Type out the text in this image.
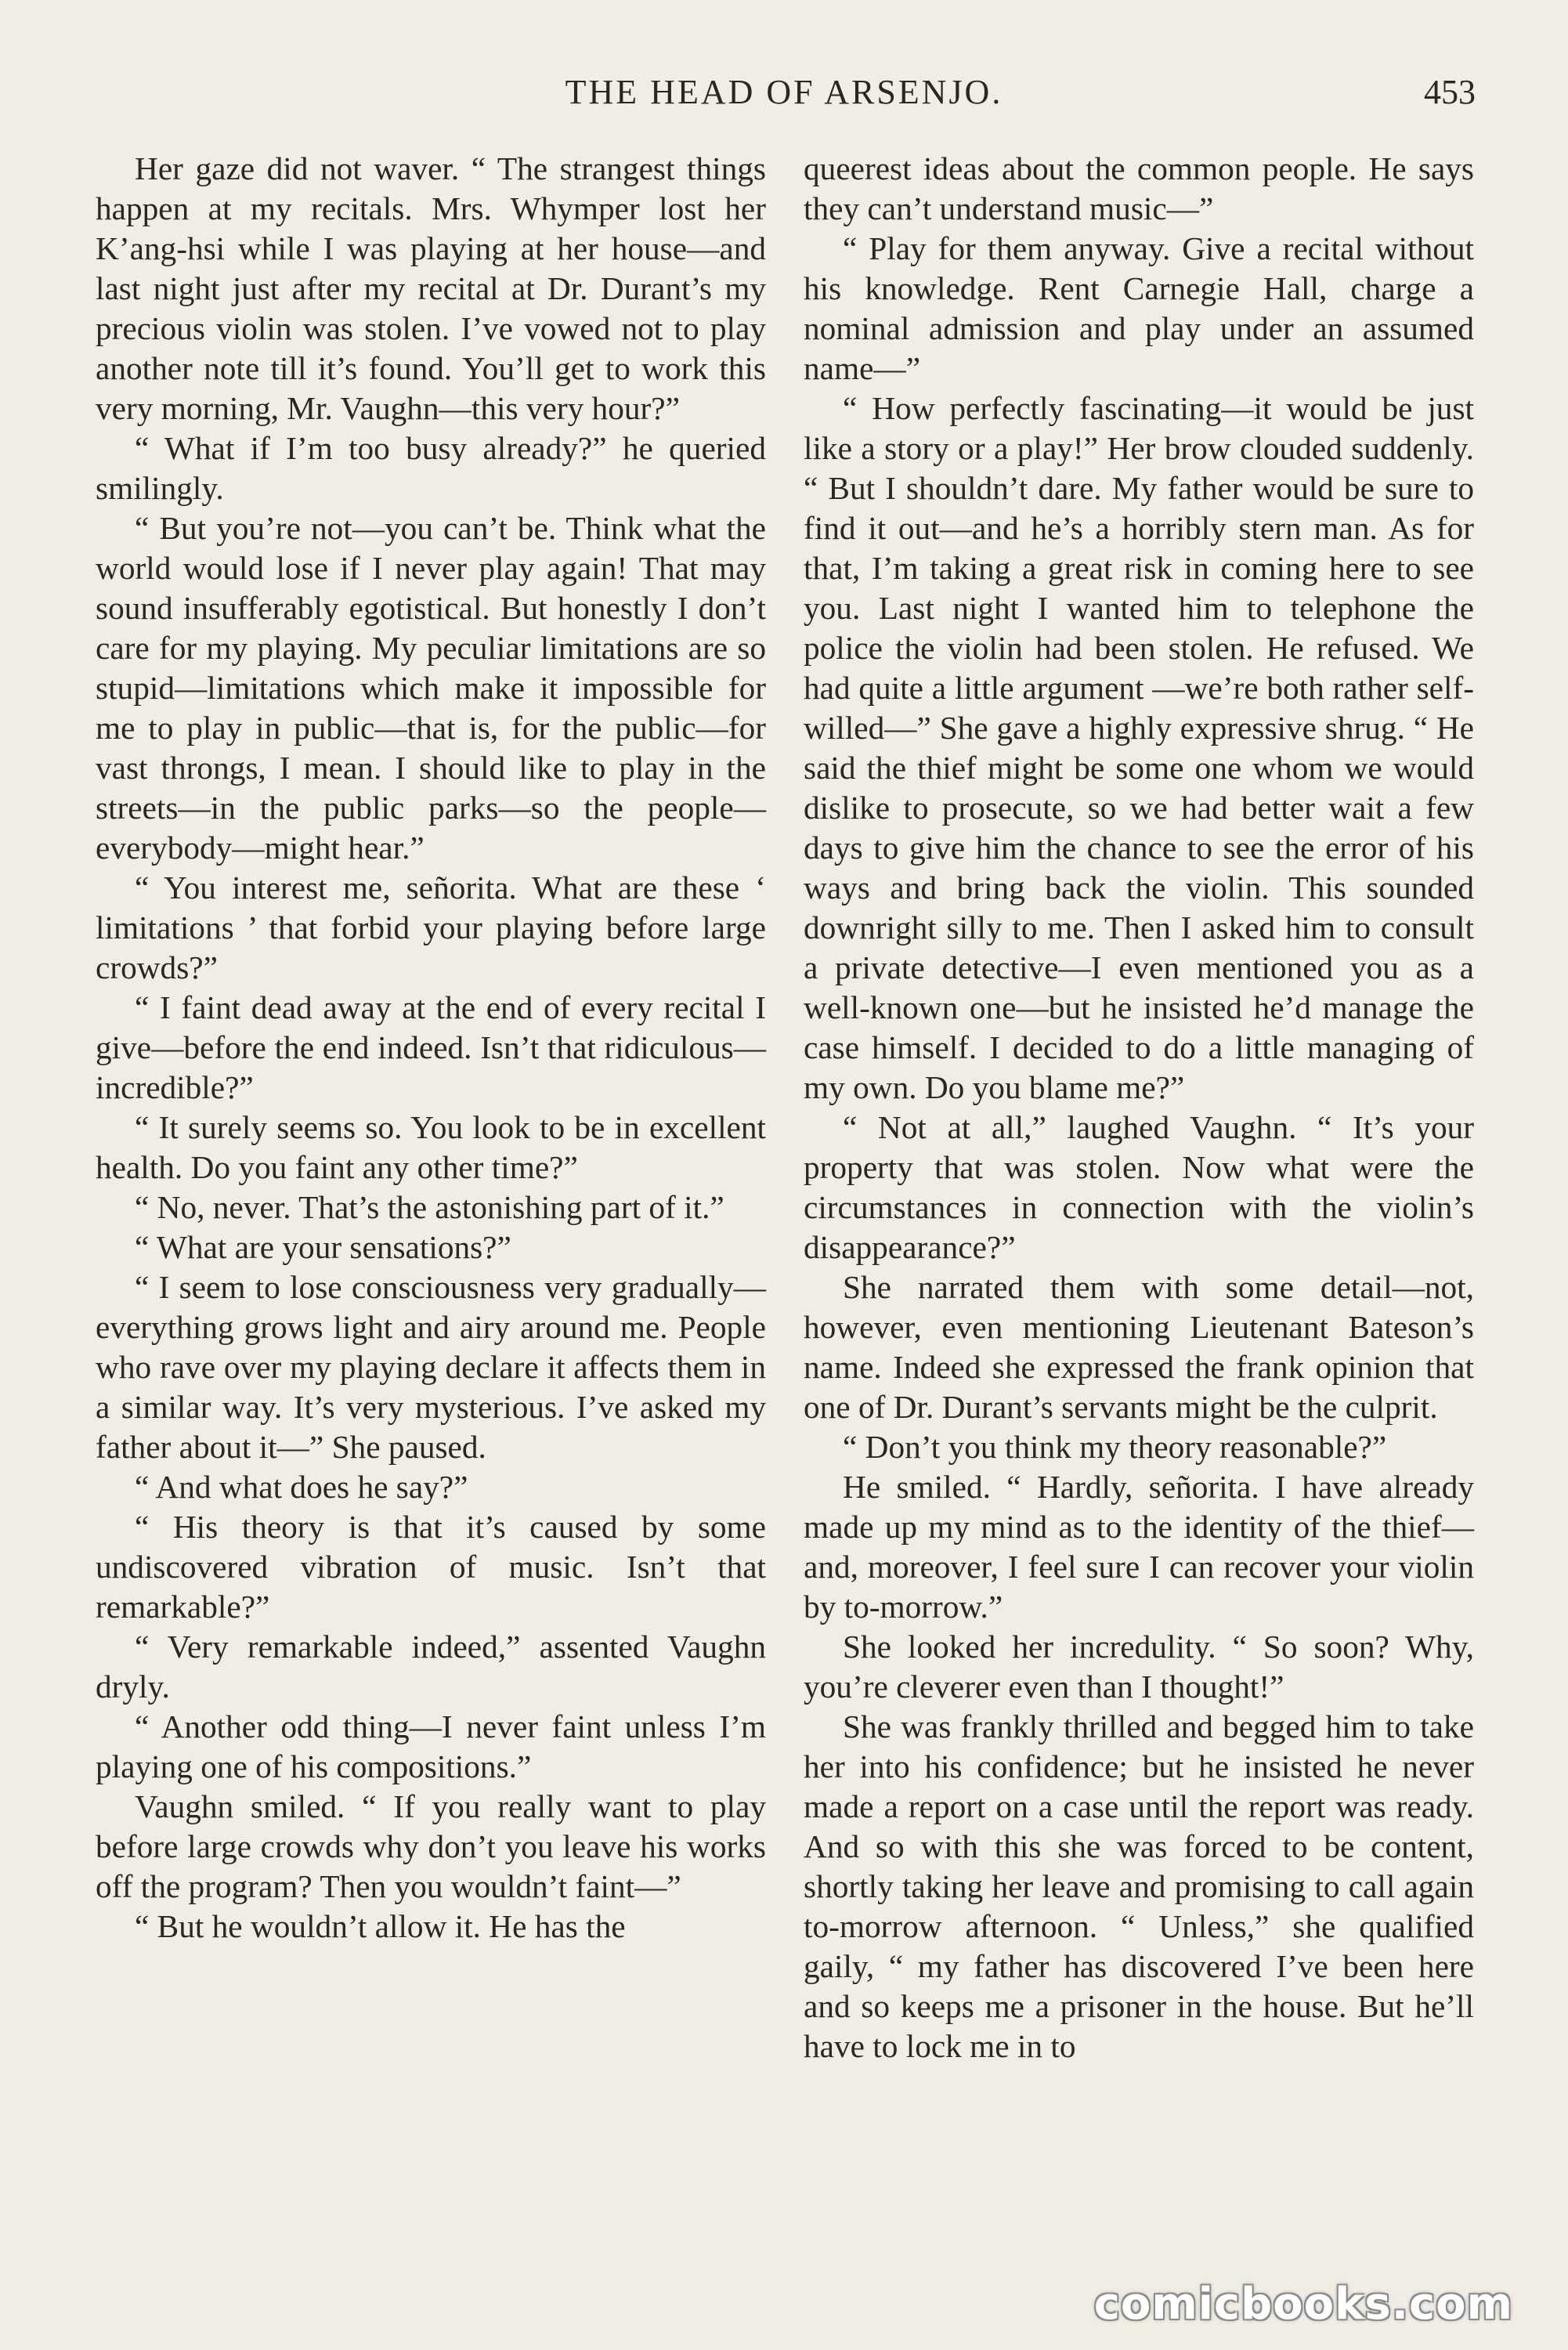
THE HEAD OF ARSENJO.	453

Her gaze did not waver. “ The strangest things happen at my recitals. Mrs. Whymper lost her K’ang-hsi while I was playing at her house—and last night just after my recital at Dr. Durant’s my precious violin was stolen. I’ve vowed not to play another note till it’s found. You’ll get to work this very morning, Mr. Vaughn—this very hour?”

“ What if I’m too busy already?” he queried smilingly.

“ But you’re not—you can’t be. Think what the world would lose if I never play again! That may sound insufferably egotistical. But honestly I don’t care for my playing. My peculiar limitations are so stupid—limitations which make it impossible for me to play in public—that is, for the public—for vast throngs, I mean. I should like to play in the streets—in the public parks—so the people—everybody—might hear.”

“ You interest me, señorita. What are these ‘ limitations ’ that forbid your playing before large crowds?”

“ I faint dead away at the end of every recital I give—before the end indeed. Isn’t that ridiculous—incredible?”

“ It surely seems so. You look to be in excellent health. Do you faint any other time?”

“ No, never. That’s the astonishing part of it.”

“ What are your sensations?”

“ I seem to lose consciousness very gradually—everything grows light and airy around me. People who rave over my playing declare it affects them in a similar way. It’s very mysterious. I’ve asked my father about it—” She paused.

“ And what does he say?”

“ His theory is that it’s caused by some undiscovered vibration of music. Isn’t that remarkable?”

“ Very remarkable indeed,” assented Vaughn dryly.

“ Another odd thing—I never faint unless I’m playing one of his compositions.”

Vaughn smiled. “ If you really want to play before large crowds why don’t you leave his works off the program? Then you wouldn’t faint—”

“ But he wouldn’t allow it. He has the

queerest ideas about the common people. He says they can’t understand music—”

“ Play for them anyway. Give a recital without his knowledge. Rent Carnegie Hall, charge a nominal admission and play under an assumed name—”

“ How perfectly fascinating—it would be just like a story or a play!” Her brow clouded suddenly. “ But I shouldn’t dare. My father would be sure to find it out—and he’s a horribly stern man. As for that, I’m taking a great risk in coming here to see you. Last night I wanted him to telephone the police the violin had been stolen. He refused. We had quite a little argument —we’re both rather self-willed—” She gave a highly expressive shrug. “ He said the thief might be some one whom we would dislike to prosecute, so we had better wait a few days to give him the chance to see the error of his ways and bring back the violin. This sounded downright silly to me. Then I asked him to consult a private detective—I even mentioned you as a well-known one—but he insisted he’d manage the case himself. I decided to do a little managing of my own. Do you blame me?”

“ Not at all,” laughed Vaughn. “ It’s your property that was stolen. Now what were the circumstances in connection with the violin’s disappearance?”

She narrated them with some detail—not, however, even mentioning Lieutenant Bateson’s name. Indeed she expressed the frank opinion that one of Dr. Durant’s servants might be the culprit.

“ Don’t you think my theory reasonable?”

He smiled. “ Hardly, señorita. I have already made up my mind as to the identity of the thief—and, moreover, I feel sure I can recover your violin by to-morrow.”

She looked her incredulity. “ So soon? Why, you’re cleverer even than I thought!”

She was frankly thrilled and begged him to take her into his confidence; but he insisted he never made a report on a case until the report was ready. And so with this she was forced to be content, shortly taking her leave and promising to call again to-morrow afternoon. “ Unless,” she qualified gaily, “ my father has discovered I’ve been here and so keeps me a prisoner in the house. But he’ll have to lock me in to

comicbooks.com
